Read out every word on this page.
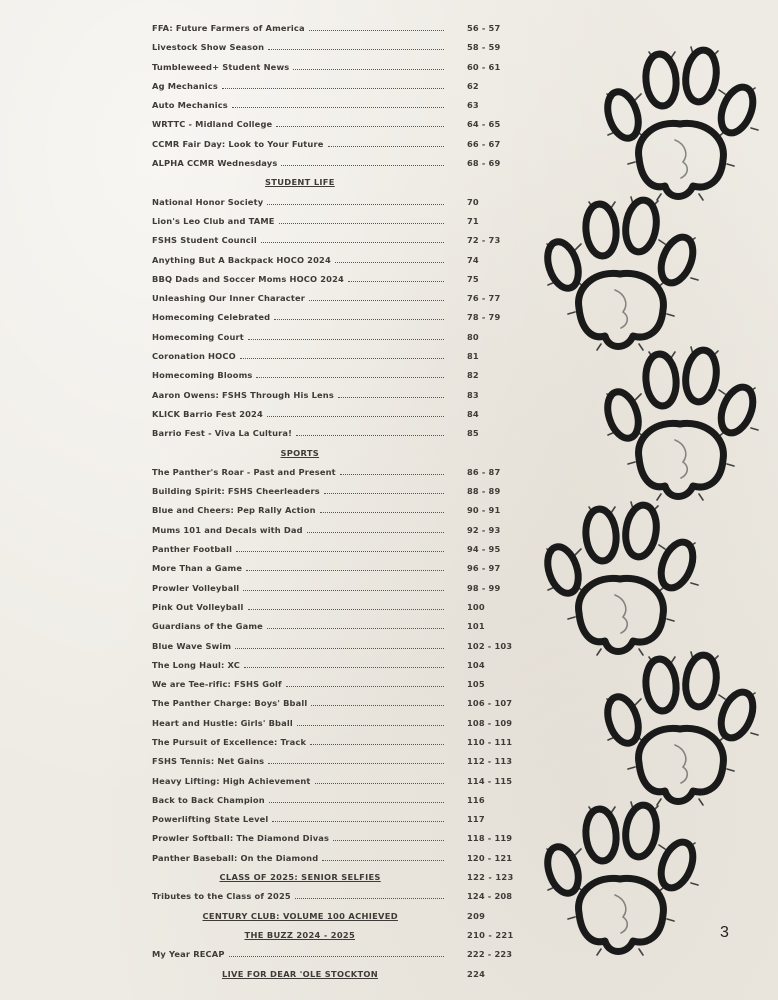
FFA: Future Farmers of America	56 - 57
Livestock Show Season	58 - 59
Tumbleweed+ Student News	60 - 61
Ag Mechanics	62
Auto Mechanics	63
WRTTC - Midland College	64 - 65
CCMR Fair Day: Look to Your Future	66 - 67
ALPHA CCMR Wednesdays	68 - 69
STUDENT LIFE
National Honor Society	70
Lion's Leo Club and TAME	71
FSHS Student Council	72 - 73
Anything But A Backpack HOCO 2024	74
BBQ Dads and Soccer Moms HOCO 2024	75
Unleashing Our Inner Character	76 - 77
Homecoming Celebrated	78 - 79
Homecoming Court	80
Coronation HOCO	81
Homecoming Blooms	82
Aaron Owens: FSHS Through His Lens	83
KLICK Barrio Fest 2024	84
Barrio Fest - Viva La Cultura!	85
SPORTS
The Panther's Roar - Past and Present	86 - 87
Building Spirit: FSHS Cheerleaders	88 - 89
Blue and Cheers: Pep Rally Action	90 - 91
Mums 101 and Decals with Dad	92 - 93
Panther Football	94 - 95
More Than a Game	96 - 97
Prowler Volleyball	98 - 99
Pink Out Volleyball	100
Guardians of the Game	101
Blue Wave Swim	102 - 103
The Long Haul: XC	104
We are Tee-rific: FSHS Golf	105
The Panther Charge: Boys' Bball	106 - 107
Heart and Hustle: Girls' Bball	108 - 109
The Pursuit of Excellence: Track	110 - 111
FSHS Tennis: Net Gains	112 - 113
Heavy Lifting: High Achievement	114 - 115
Back to Back Champion	116
Powerlifting State Level	117
Prowler Softball: The Diamond Divas	118 - 119
Panther Baseball: On the Diamond	120 - 121
CLASS OF 2025: SENIOR SELFIES	122 - 123
Tributes to the Class of 2025	124 - 208
CENTURY CLUB: VOLUME 100 ACHIEVED	209
THE BUZZ 2024 - 2025	210 - 221
My Year RECAP	222 - 223
LIVE FOR DEAR 'OLE STOCKTON	224
3
